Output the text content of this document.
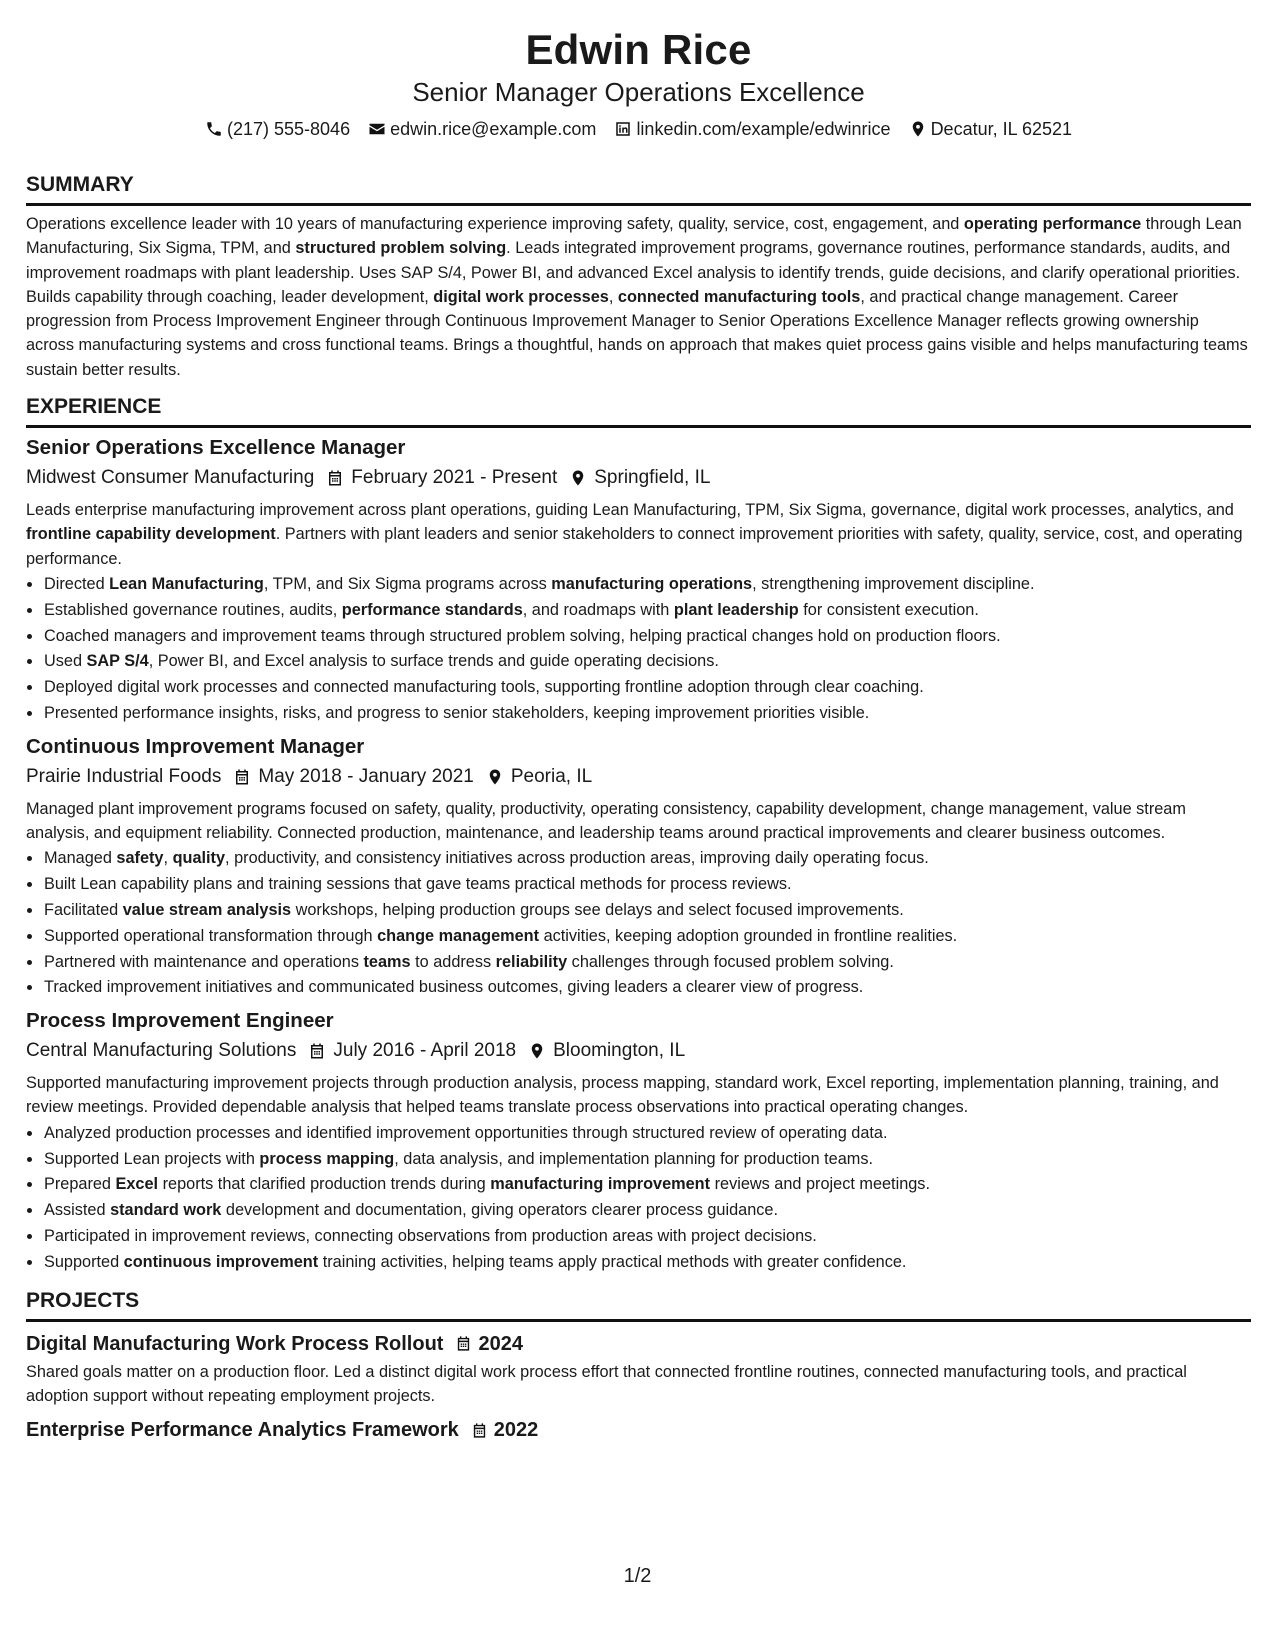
Edwin Rice
Senior Manager Operations Excellence
(217) 555-8046 edwin.rice@example.com linkedin.com/example/edwinrice Decatur, IL 62521
SUMMARY

Operations excellence leader with 10 years of manufacturing experience improving safety, quality, service, cost, engagement, and operating performance through Lean Manufacturing, Six Sigma, TPM, and structured problem solving. Leads integrated improvement programs, governance routines, performance standards, audits, and improvement roadmaps with plant leadership. Uses SAP S/4, Power BI, and advanced Excel analysis to identify trends, guide decisions, and clarify operational priorities. Builds capability through coaching, leader development, digital work processes, connected manufacturing tools, and practical change management. Career progression from Process Improvement Engineer through Continuous Improvement Manager to Senior Operations Excellence Manager reflects growing ownership across manufacturing systems and cross functional teams. Brings a thoughtful, hands on approach that makes quiet process gains visible and helps manufacturing teams sustain better results.

EXPERIENCE
Senior Operations Excellence Manager
Midwest Consumer Manufacturing February 2021 - Present Springfield, IL

Leads enterprise manufacturing improvement across plant operations, guiding Lean Manufacturing, TPM, Six Sigma, governance, digital work processes, analytics, and frontline capability development. Partners with plant leaders and senior stakeholders to connect improvement priorities with safety, quality, service, cost, and operating performance.

• Directed Lean Manufacturing, TPM, and Six Sigma programs across manufacturing operations, strengthening improvement discipline.
• Established governance routines, audits, performance standards, and roadmaps with plant leadership for consistent execution.
• Coached managers and improvement teams through structured problem solving, helping practical changes hold on production floors.
• Used SAP S/4, Power BI, and Excel analysis to surface trends and guide operating decisions.
• Deployed digital work processes and connected manufacturing tools, supporting frontline adoption through clear coaching.
• Presented performance insights, risks, and progress to senior stakeholders, keeping improvement priorities visible.
Continuous Improvement Manager
Prairie Industrial Foods May 2018 - January 2021 Peoria, IL

Managed plant improvement programs focused on safety, quality, productivity, operating consistency, capability development, change management, value stream analysis, and equipment reliability. Connected production, maintenance, and leadership teams around practical improvements and clearer business outcomes.

• Managed safety, quality, productivity, and consistency initiatives across production areas, improving daily operating focus.
• Built Lean capability plans and training sessions that gave teams practical methods for process reviews.
• Facilitated value stream analysis workshops, helping production groups see delays and select focused improvements.
• Supported operational transformation through change management activities, keeping adoption grounded in frontline realities.
• Partnered with maintenance and operations teams to address reliability challenges through focused problem solving.
• Tracked improvement initiatives and communicated business outcomes, giving leaders a clearer view of progress.
Process Improvement Engineer
Central Manufacturing Solutions July 2016 - April 2018 Bloomington, IL

Supported manufacturing improvement projects through production analysis, process mapping, standard work, Excel reporting, implementation planning, training, and review meetings. Provided dependable analysis that helped teams translate process observations into practical operating changes.

• Analyzed production processes and identified improvement opportunities through structured review of operating data.
• Supported Lean projects with process mapping, data analysis, and implementation planning for production teams.
• Prepared Excel reports that clarified production trends during manufacturing improvement reviews and project meetings.
• Assisted standard work development and documentation, giving operators clearer process guidance.
• Participated in improvement reviews, connecting observations from production areas with project decisions.
• Supported continuous improvement training activities, helping teams apply practical methods with greater confidence.
PROJECTS
Digital Manufacturing Work Process Rollout 2024

Shared goals matter on a production floor. Led a distinct digital work process effort that connected frontline routines, connected manufacturing tools, and practical adoption support without repeating employment projects.

Enterprise Performance Analytics Framework 2022
1/2
